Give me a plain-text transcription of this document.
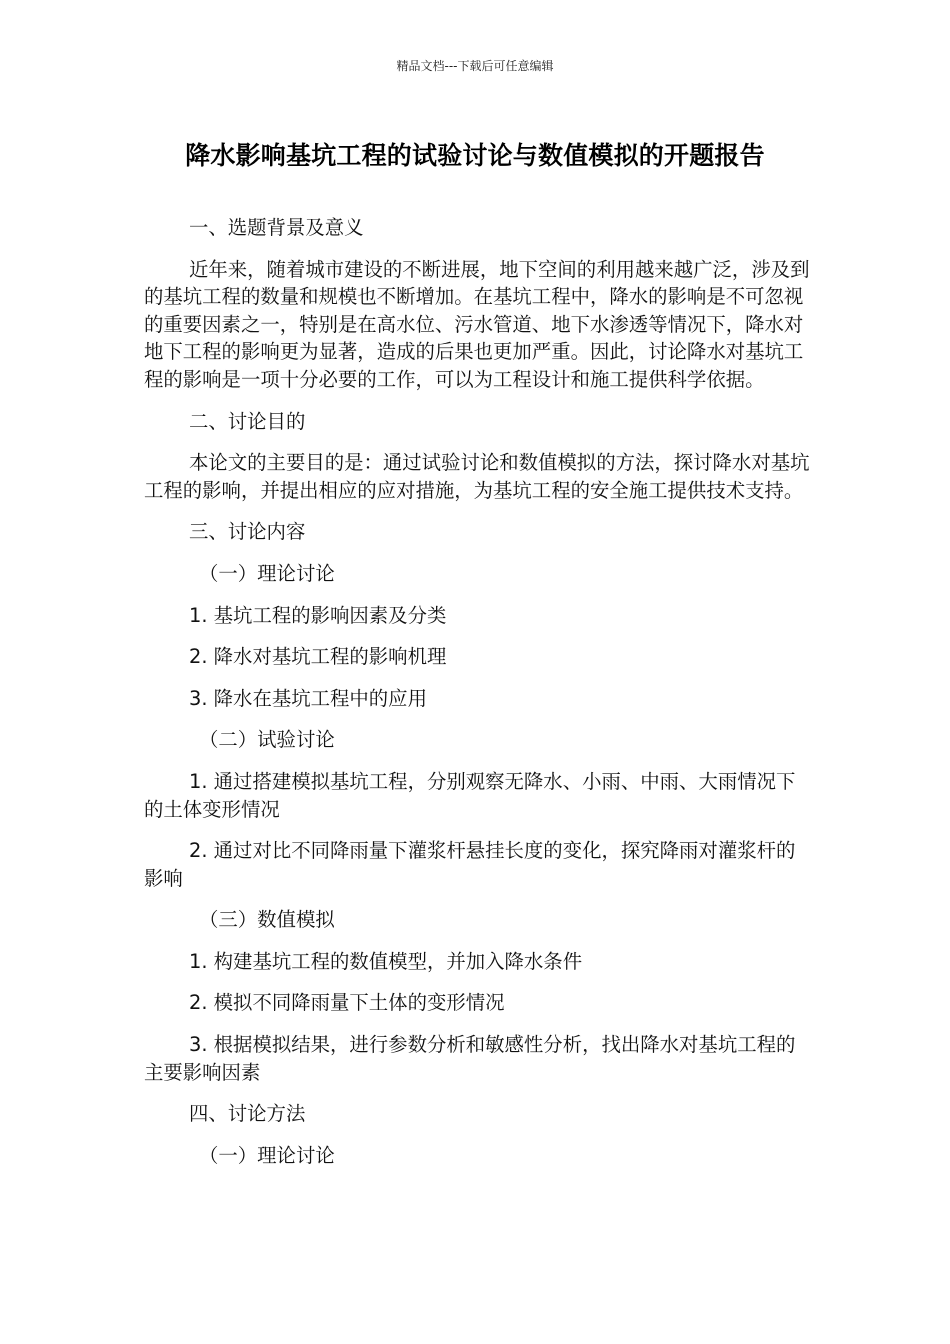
精品文档---下载后可任意编辑
降水影响基坑工程的试验讨论与数值模拟的开题报告

一、选题背景及意义

近年来，随着城市建设的不断进展，地下空间的利用越来越广泛，涉及到的基坑工程的数量和规模也不断增加。在基坑工程中，降水的影响是不可忽视的重要因素之一，特别是在高水位、污水管道、地下水渗透等情况下，降水对地下工程的影响更为显著，造成的后果也更加严重。因此，讨论降水对基坑工程的影响是一项十分必要的工作，可以为工程设计和施工提供科学依据。

二、讨论目的

本论文的主要目的是：通过试验讨论和数值模拟的方法，探讨降水对基坑工程的影响，并提出相应的应对措施，为基坑工程的安全施工提供技术支持。

三、讨论内容

（一）理论讨论

1. 基坑工程的影响因素及分类

2. 降水对基坑工程的影响机理

3. 降水在基坑工程中的应用

（二）试验讨论

1. 通过搭建模拟基坑工程，分别观察无降水、小雨、中雨、大雨情况下的土体变形情况

2. 通过对比不同降雨量下灌浆杆悬挂长度的变化，探究降雨对灌浆杆的影响

（三）数值模拟

1. 构建基坑工程的数值模型，并加入降水条件

2. 模拟不同降雨量下土体的变形情况

3. 根据模拟结果，进行参数分析和敏感性分析，找出降水对基坑工程的主要影响因素

四、讨论方法

（一）理论讨论
